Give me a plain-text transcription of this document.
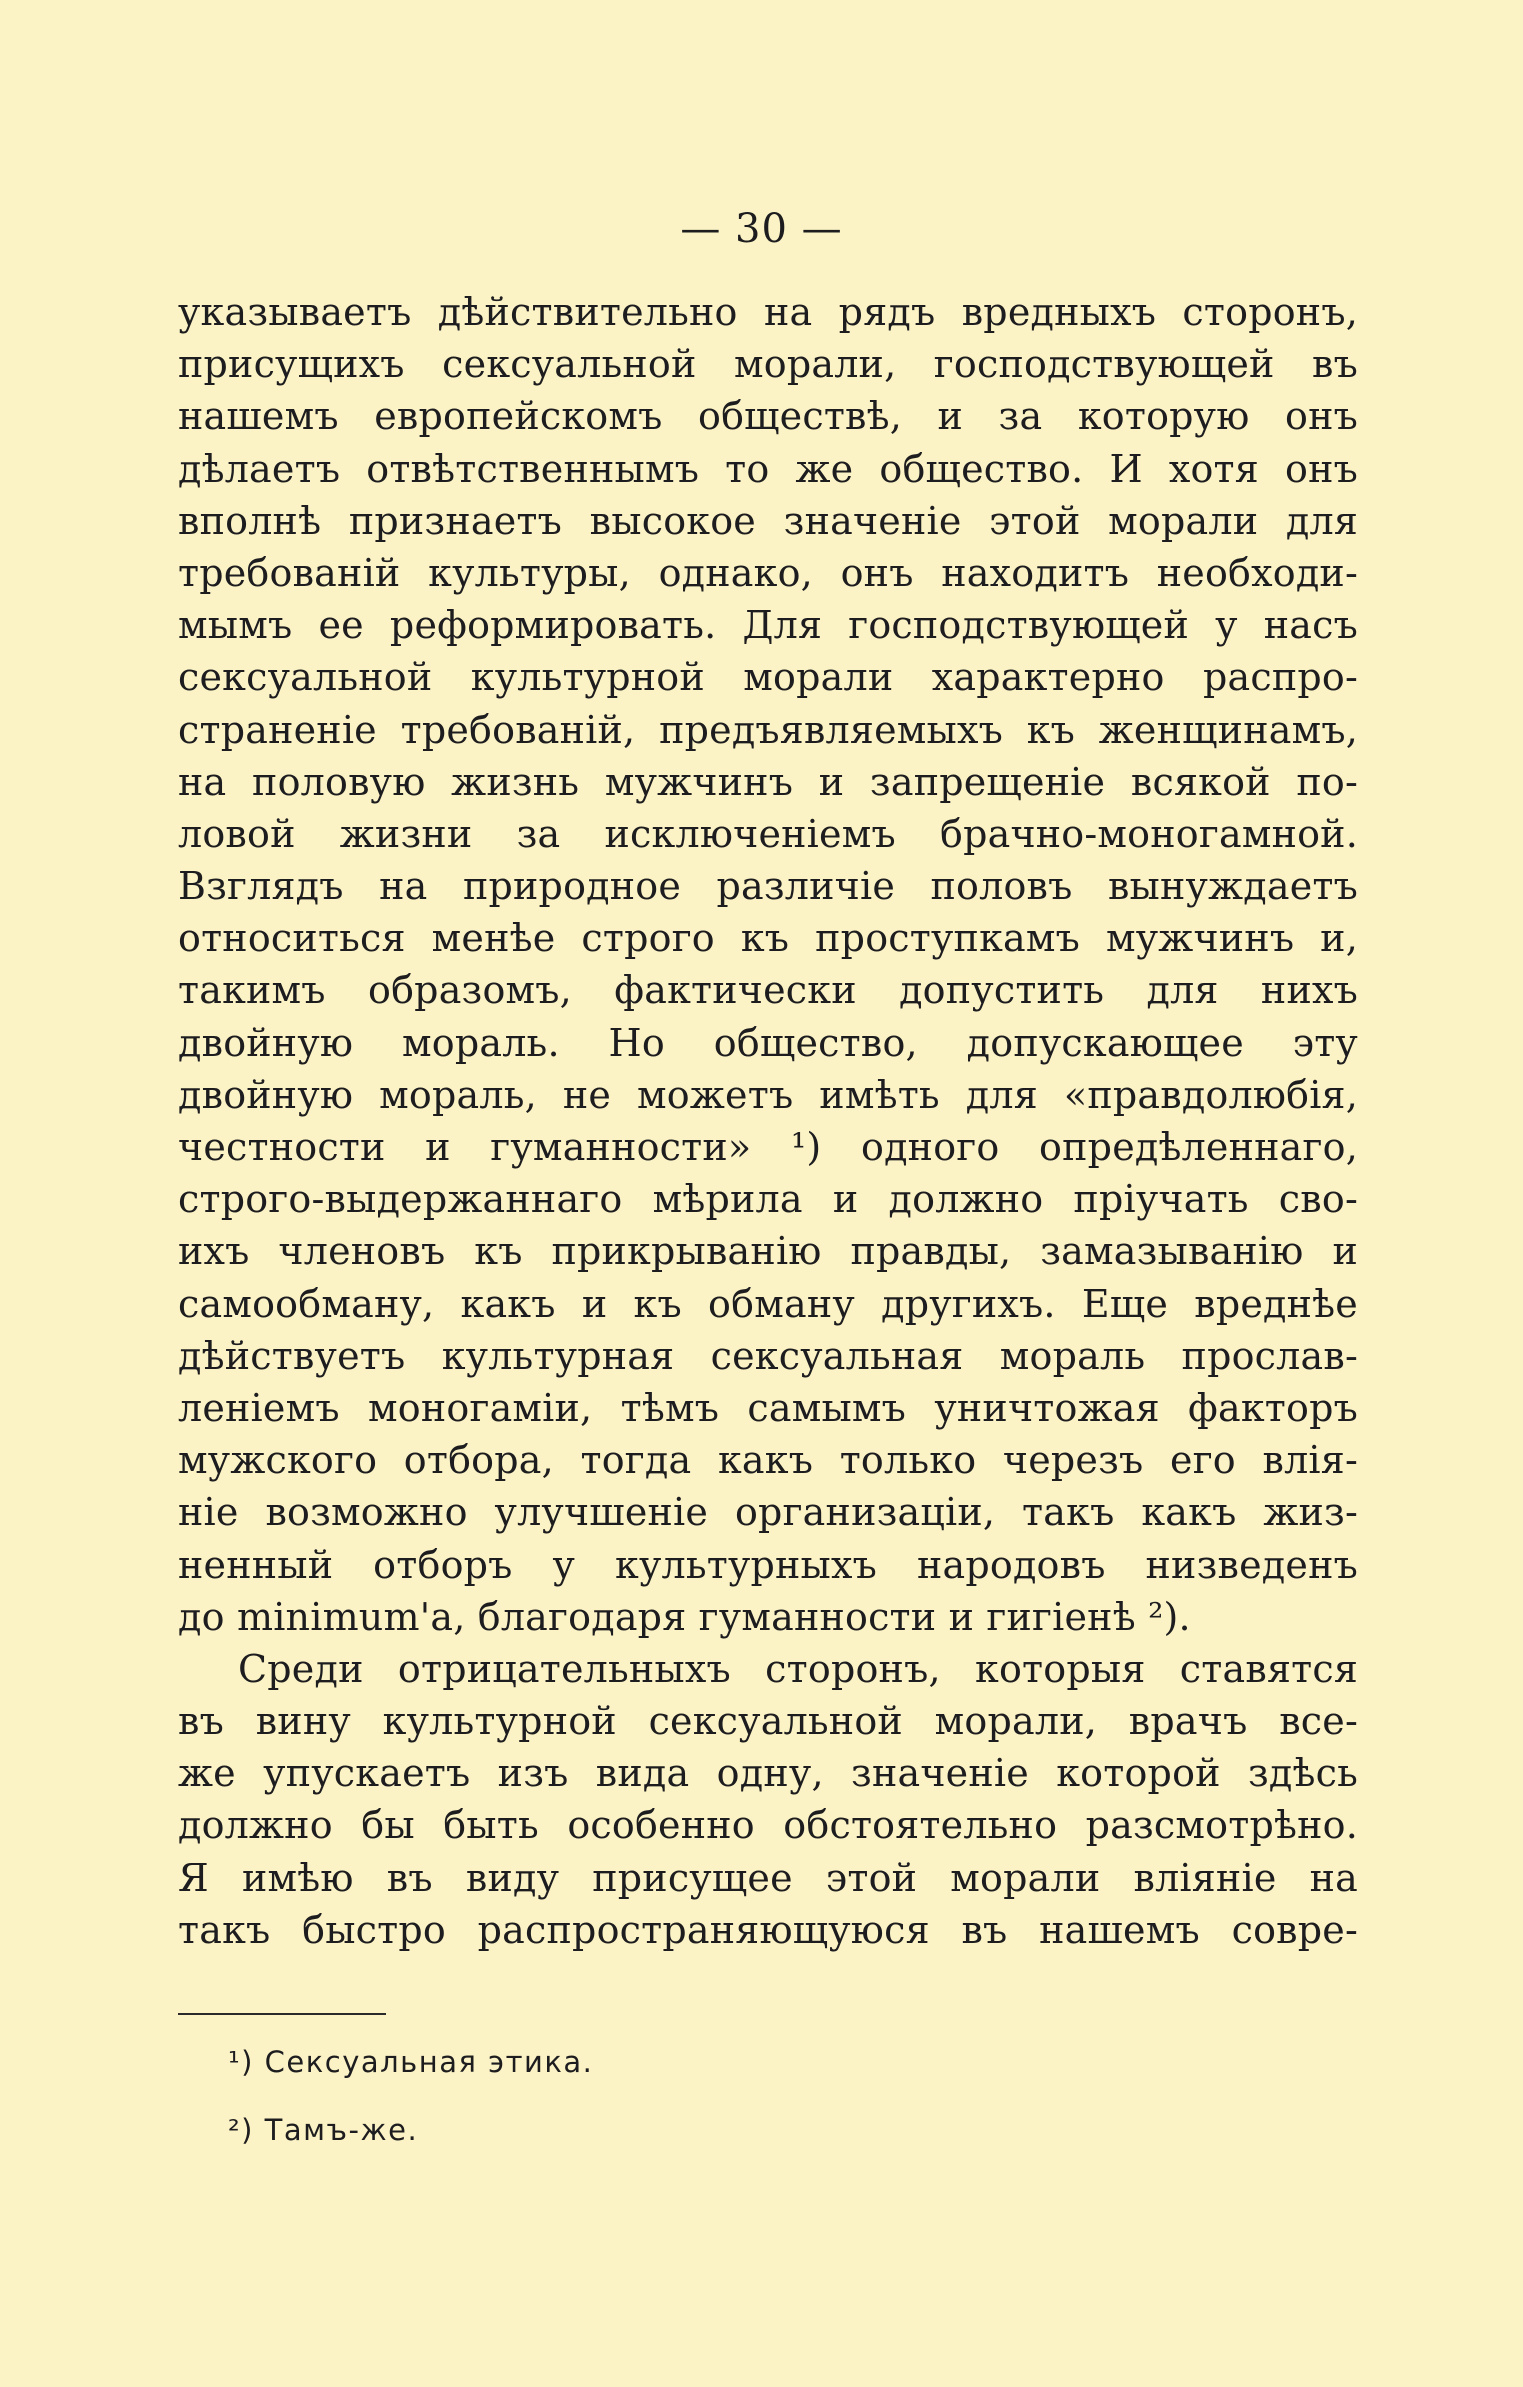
— 30 —
указываетъ дѣйствительно на рядъ вредныхъ сторонъ,
присущихъ сексуальной морали, господствующей въ
нашемъ европейскомъ обществѣ, и за которую онъ
дѣлаетъ отвѣтственнымъ то же общество. И хотя онъ
вполнѣ признаетъ высокое значеніе этой морали для
требованій культуры, однако, онъ находитъ необходи-
мымъ ее реформировать. Для господствующей у насъ
сексуальной культурной морали характерно распро-
страненіе требованій, предъявляемыхъ къ женщинамъ,
на половую жизнь мужчинъ и запрещеніе всякой по-
ловой жизни за исключеніемъ брачно-моногамной.
Взглядъ на природное различіе половъ вынуждаетъ
относиться менѣе строго къ проступкамъ мужчинъ и,
такимъ образомъ, фактически допустить для нихъ
двойную мораль. Но общество, допускающее эту
двойную мораль, не можетъ имѣть для «правдолюбія,
честности и гуманности» ¹) одного опредѣленнаго,
строго-выдержаннаго мѣрила и должно пріучать сво-
ихъ членовъ къ прикрыванію правды, замазыванію и
самообману, какъ и къ обману другихъ. Еще вреднѣе
дѣйствуетъ культурная сексуальная мораль прослав-
леніемъ моногаміи, тѣмъ самымъ уничтожая факторъ
мужского отбора, тогда какъ только черезъ его влія-
ніе возможно улучшеніе организаціи, такъ какъ жиз-
ненный отборъ у культурныхъ народовъ низведенъ
до minimum'a, благодаря гуманности и гигіенѣ ²).
Среди отрицательныхъ сторонъ, которыя ставятся
въ вину культурной сексуальной морали, врачъ все-
же упускаетъ изъ вида одну, значеніе которой здѣсь
должно бы быть особенно обстоятельно разсмотрѣно.
Я имѣю въ виду присущее этой морали вліяніе на
такъ быстро распространяющуюся въ нашемъ совре-
¹) Сексуальная этика.
²) Тамъ-же.
